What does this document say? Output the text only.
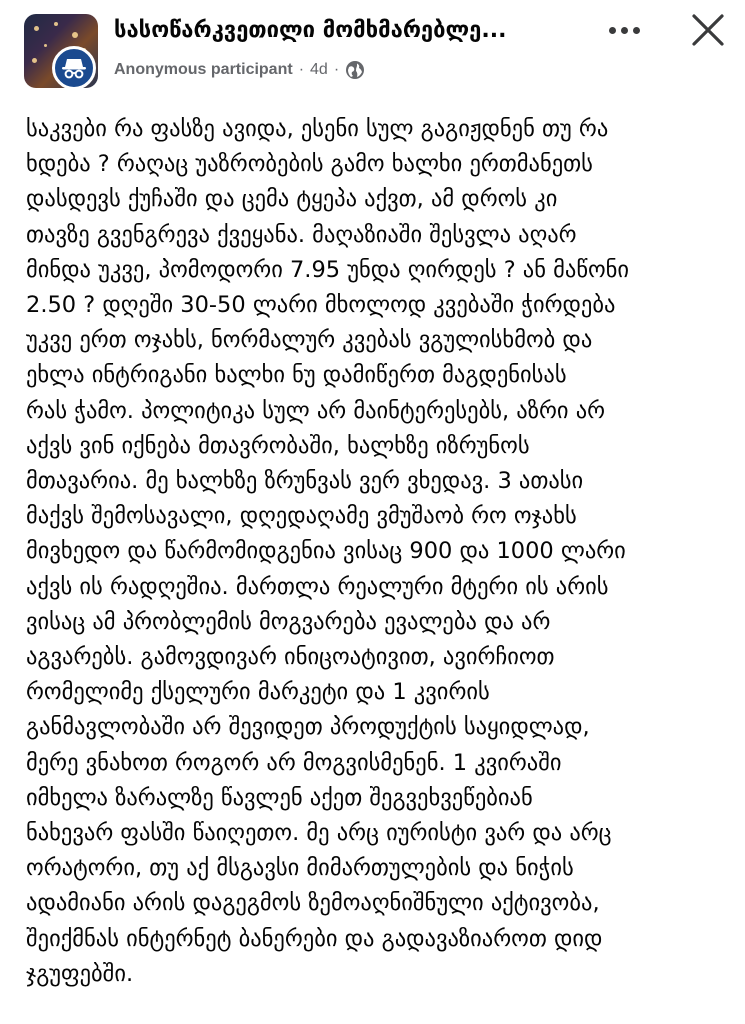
სასოწარკვეთილი მომხმარებლე...
Anonymous participant · 4d ·
საკვები რა ფასზე ავიდა, ესენი სულ გაგიჟდნენ თუ რა
ხდება ? რაღაც უაზრობების გამო ხალხი ერთმანეთს
დასდევს ქუჩაში და ცემა ტყეპა აქვთ, ამ დროს კი
თავზე გვენგრევა ქვეყანა. მაღაზიაში შესვლა აღარ
მინდა უკვე, პომოდორი 7.95 უნდა ღირდეს ? ან მაწონი
2.50 ? დღეში 30-50 ლარი მხოლოდ კვებაში ჭირდება
უკვე ერთ ოჯახს, ნორმალურ კვებას ვგულისხმობ და
ეხლა ინტრიგანი ხალხი ნუ დამიწერთ მაგდენისას
რას ჭამო. პოლიტიკა სულ არ მაინტერესებს, აზრი არ
აქვს ვინ იქნება მთავრობაში, ხალხზე იზრუნოს
მთავარია. მე ხალხზე ზრუნვას ვერ ვხედავ. 3 ათასი
მაქვს შემოსავალი, დღედაღამე ვმუშაობ რო ოჯახს
მივხედო და წარმომიდგენია ვისაც 900 და 1000 ლარი
აქვს ის რადღეშია. მართლა რეალური მტერი ის არის
ვისაც ამ პრობლემის მოგვარება ევალება და არ
აგვარებს. გამოვდივარ ინიცოატივით, ავირჩიოთ
რომელიმე ქსელური მარკეტი და 1 კვირის
განმავლობაში არ შევიდეთ პროდუქტის საყიდლად,
მერე ვნახოთ როგორ არ მოგვისმენენ. 1 კვირაში
იმხელა ზარალზე წავლენ აქეთ შეგვეხვეწებიან
ნახევარ ფასში წაიღეთო. მე არც იურისტი ვარ და არც
ორატორი, თუ აქ მსგავსი მიმართულების და ნიჭის
ადამიანი არის დაგეგმოს ზემოაღნიშნული აქტივობა,
შეიქმნას ინტერნეტ ბანერები და გადავაზიაროთ დიდ
ჯგუფებში.
